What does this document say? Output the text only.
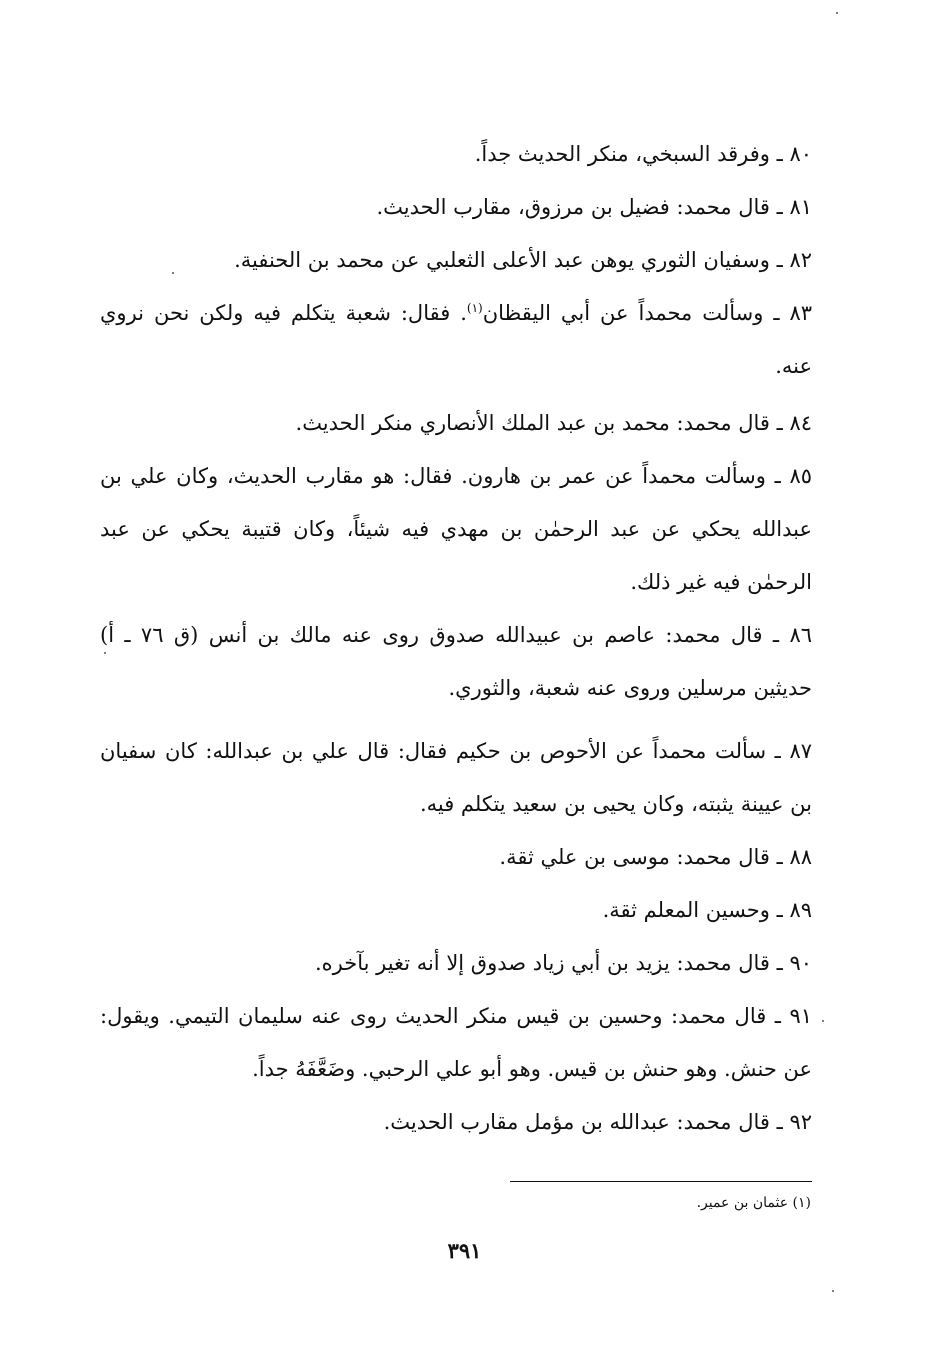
٨٠ ـ وفرقد السبخي، منكر الحديث جداً.

٨١ ـ قال محمد: فضيل بن مرزوق، مقارب الحديث.

٨٢ ـ وسفيان الثوري يوهن عبد الأعلى الثعلبي عن محمد بن الحنفية.

٨٣ ـ وسألت محمداً عن أبي اليقظان$^{(١)}$. فقال: شعبة يتكلم فيه ولكن نحن نروي عنه.

٨٤ ـ قال محمد: محمد بن عبد الملك الأنصاري منكر الحديث.

٨٥ ـ وسألت محمداً عن عمر بن هارون. فقال: هو مقارب الحديث، وكان علي بن عبدالله يحكي عن عبد الرحمٰن بن مهدي فيه شيئاً، وكان قتيبة يحكي عن عبد الرحمٰن فيه غير ذلك.

٨٦ ـ قال محمد: عاصم بن عبيدالله صدوق روى عنه مالك بن أنس (ق ٧٦ ـ أ) حديثين مرسلين وروى عنه شعبة، والثوري.

٨٧ ـ سألت محمداً عن الأحوص بن حكيم فقال: قال علي بن عبدالله: كان سفيان بن عيينة يثبته، وكان يحيى بن سعيد يتكلم فيه.

٨٨ ـ قال محمد: موسى بن علي ثقة.

٨٩ ـ وحسين المعلم ثقة.

٩٠ ـ قال محمد: يزيد بن أبي زياد صدوق إلا أنه تغير بآخره.

٩١ ـ قال محمد: وحسين بن قيس منكر الحديث روى عنه سليمان التيمي. ويقول: عن حنش. وهو حنش بن قيس. وهو أبو علي الرحبي. وضَعَّفَهُ جداً.

٩٢ ـ قال محمد: عبدالله بن مؤمل مقارب الحديث.

(١) عثمان بن عمير.
٣٩١
